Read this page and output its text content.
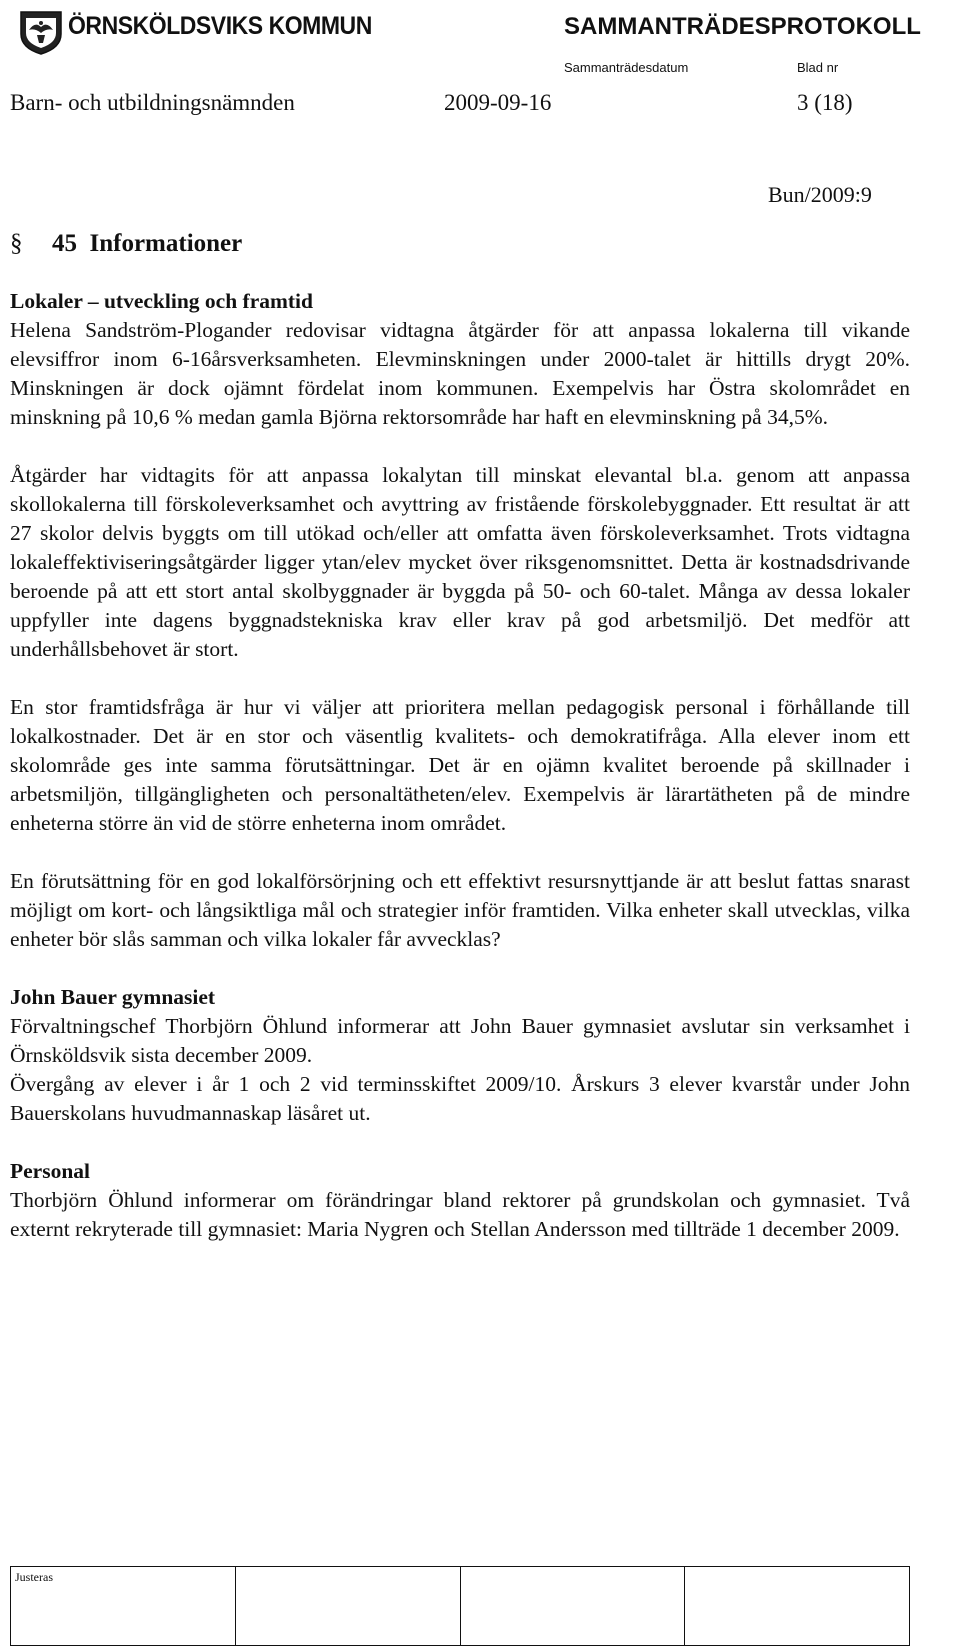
ÖRNSKÖLDSVIKS KOMMUN	SAMMANTRÄDESPROTOKOLL
Sammanträdesdatum	Blad nr
Barn- och utbildningsnämnden	2009-09-16	3 (18)
Bun/2009:9
§ 45 Informationer
Lokaler – utveckling och framtid

Helena Sandström-Plogander redovisar vidtagna åtgärder för att anpassa lokalerna till vikande elevsiffror inom 6-16årsverksamheten. Elevminskningen under 2000-talet är hittills drygt 20%. Minskningen är dock ojämnt fördelat inom kommunen. Exempelvis har Östra skolområdet en minskning på 10,6 % medan gamla Björna rektorsområde har haft en elevminskning på 34,5%.

Åtgärder har vidtagits för att anpassa lokalytan till minskat elevantal bl.a. genom att anpassa skollokalerna till förskoleverksamhet och avyttring av fristående förskolebyggnader. Ett resultat är att 27 skolor delvis byggts om till utökad och/eller att omfatta även förskoleverksamhet. Trots vidtagna lokaleffektiviseringsåtgärder ligger ytan/elev mycket över riksgenomsnittet. Detta är kostnadsdrivande beroende på att ett stort antal skolbyggnader är byggda på 50- och 60-talet. Många av dessa lokaler uppfyller inte dagens byggnadstekniska krav eller krav på god arbetsmiljö. Det medför att underhållsbehovet är stort.

En stor framtidsfråga är hur vi väljer att prioritera mellan pedagogisk personal i förhållande till lokalkostnader. Det är en stor och väsentlig kvalitets- och demokratifråga. Alla elever inom ett skolområde ges inte samma förutsättningar. Det är en ojämn kvalitet beroende på skillnader i arbetsmiljön, tillgängligheten och personaltätheten/elev. Exempelvis är lärartätheten på de mindre enheterna större än vid de större enheterna inom området.

En förutsättning för en god lokalförsörjning och ett effektivt resursnyttjande är att beslut fattas snarast möjligt om kort- och långsiktliga mål och strategier inför framtiden. Vilka enheter skall utvecklas, vilka enheter bör slås samman och vilka lokaler får avvecklas?

John Bauer gymnasiet

Förvaltningschef Thorbjörn Öhlund informerar att John Bauer gymnasiet avslutar sin verksamhet i Örnsköldsvik sista december 2009.

Övergång av elever i år 1 och 2 vid terminsskiftet 2009/10. Årskurs 3 elever kvarstår under John Bauerskolans huvudmannaskap läsåret ut.

Personal

Thorbjörn Öhlund informerar om förändringar bland rektorer på grundskolan och gymnasiet. Två externt rekryterade till gymnasiet: Maria Nygren och Stellan Andersson med tillträde 1 december 2009.

Justeras			
